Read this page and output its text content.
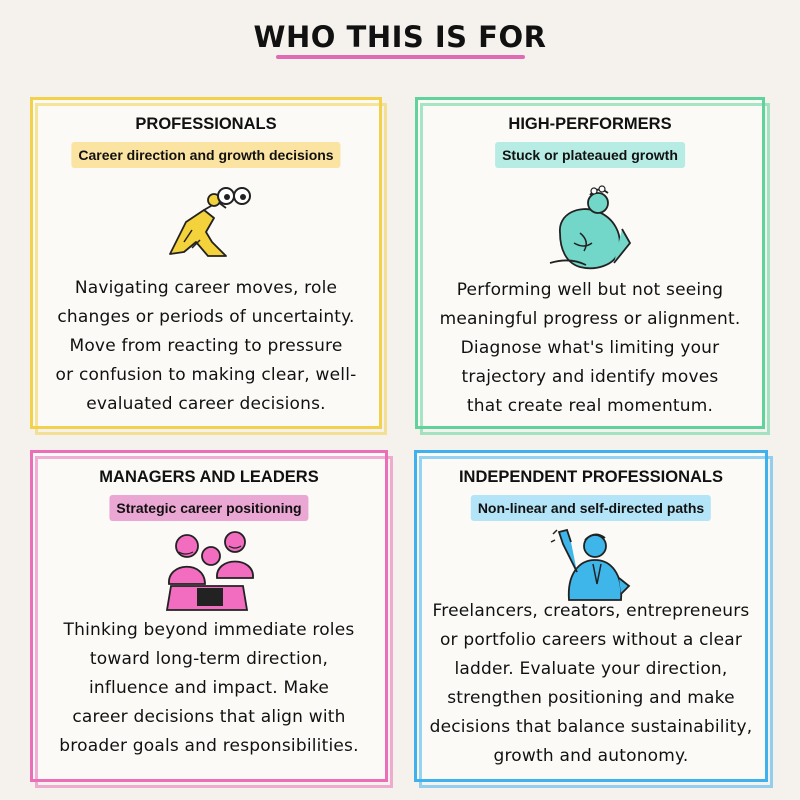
WHO THIS IS FOR
PROFESSIONALS
Career direction and growth decisions
Navigating career moves, role
changes or periods of uncertainty.
Move from reacting to pressure
or confusion to making clear, well-
evaluated career decisions.
HIGH-PERFORMERS
Stuck or plateaued growth
Performing well but not seeing
meaningful progress or alignment.
Diagnose what's limiting your
trajectory and identify moves
that create real momentum.
MANAGERS AND LEADERS
Strategic career positioning
Thinking beyond immediate roles
toward long-term direction,
influence and impact. Make
career decisions that align with
broader goals and responsibilities.
INDEPENDENT PROFESSIONALS
Non-linear and self-directed paths
Freelancers, creators, entrepreneurs
or portfolio careers without a clear
ladder. Evaluate your direction,
strengthen positioning and make
decisions that balance sustainability,
growth and autonomy.
